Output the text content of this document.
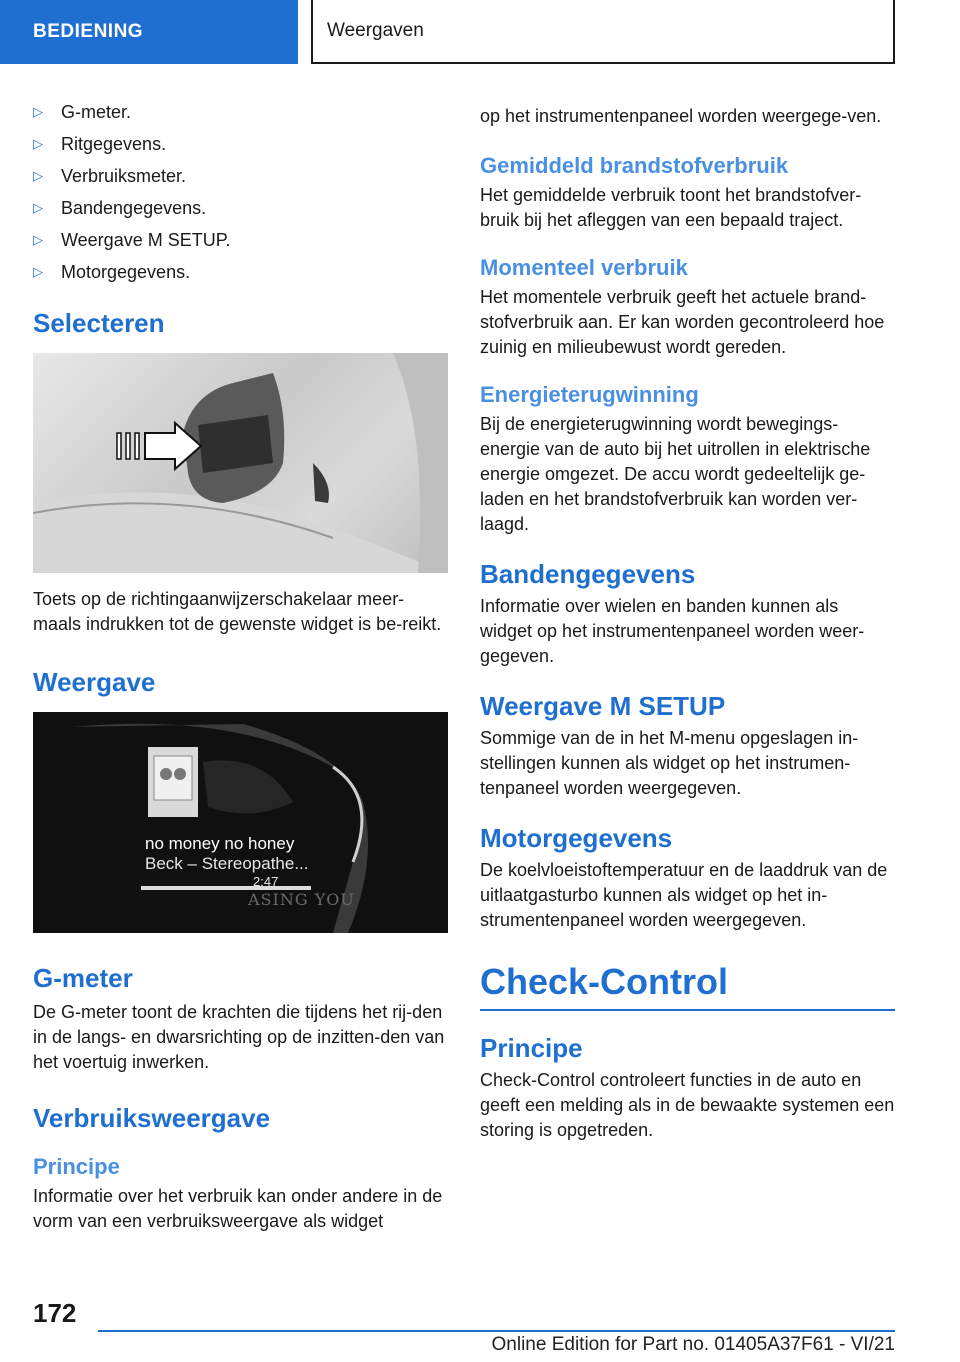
BEDIENING	Weergaven
▷	G-meter.
▷	Ritgegevens.
▷	Verbruiksmeter.
▷	Bandengegevens.
▷	Weergave M SETUP.
▷	Motorgegevens.
Selecteren

Toets op de richtingaanwijzerschakelaar meer-maals indrukken tot de gewenste widget is be-reikt.

Weergave
no money no honey
Beck – Stereopathe...
2:47
ASING YOU
G-meter

De G-meter toont de krachten die tijdens het rij-den in de langs- en dwarsrichting op de inzitten-den van het voertuig inwerken.

Verbruiksweergave
Principe

Informatie over het verbruik kan onder andere in de vorm van een verbruiksweergave als widget

op het instrumentenpaneel worden weergege-ven.

Gemiddeld brandstofverbruik

Het gemiddelde verbruik toont het brandstofver-bruik bij het afleggen van een bepaald traject.

Momenteel verbruik

Het momentele verbruik geeft het actuele brand-stofverbruik aan. Er kan worden gecontroleerd hoe zuinig en milieubewust wordt gereden.

Energieterugwinning

Bij de energieterugwinning wordt bewegings-energie van de auto bij het uitrollen in elektrische energie omgezet. De accu wordt gedeeltelijk ge-laden en het brandstofverbruik kan worden ver-laagd.

Bandengegevens

Informatie over wielen en banden kunnen als widget op het instrumentenpaneel worden weer-gegeven.

Weergave M SETUP

Sommige van de in het M-menu opgeslagen in-stellingen kunnen als widget op het instrumen-tenpaneel worden weergegeven.

Motorgegevens

De koelvloeistoftemperatuur en de laaddruk van de uitlaatgasturbo kunnen als widget op het in-strumentenpaneel worden weergegeven.

Check-Control
Principe

Check-Control controleert functies in de auto en geeft een melding als in de bewaakte systemen een storing is opgetreden.

172
Online Edition for Part no. 01405A37F61 - VI/21
